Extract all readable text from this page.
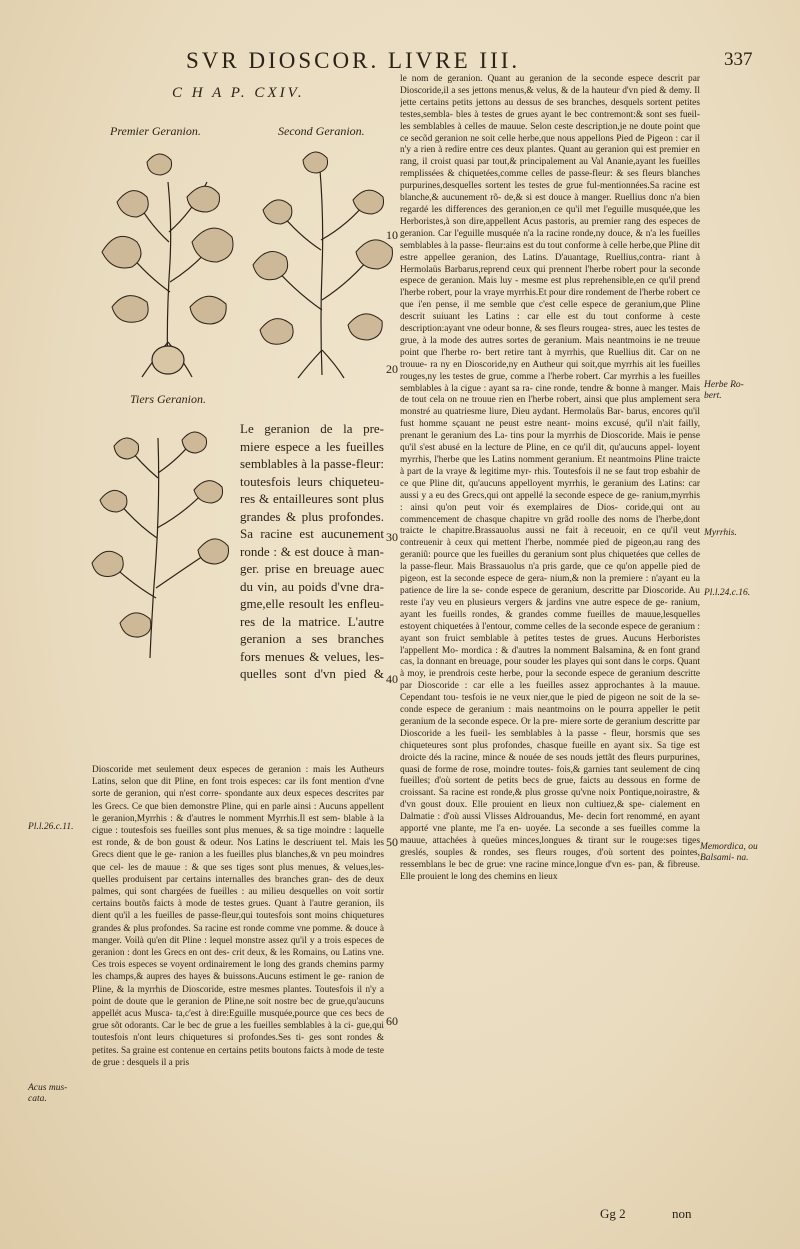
SVR DIOSCOR. LIVRE III.	337
C H A P. CXIV.
Premier Geranion.	Second Geranion.
Tiers Geranion.

Le geranion de la pre- miere espece a les fueilles semblables à la passe-fleur: toutesfois leurs chiqueteu- res & entailleures sont plus grandes & plus profondes. Sa racine est aucunement ronde : & est douce à man- ger. prise en breuage auec du vin, au poids d'vne dra- gme,elle resoult les enfleu- res de la matrice. L'autre geranion a ses branches fors menues & velues, les- quelles sont d'vn pied &

Dioscoride met seulement deux especes de geranion : mais les Autheurs Latins, selon que dit Pline, en font trois especes: car ils font mention d'vne sorte de geranion, qui n'est corre- spondante aux deux especes descrites par les Grecs. Ce que bien demonstre Pline, qui en parle ainsi : Aucuns appellent le geranion,Myrrhis : & d'autres le nomment Myrrhis.Il est sem- blable à la cigue : toutesfois ses fueilles sont plus menues, & sa tige moindre : laquelle est ronde, & de bon goust & odeur. Nos Latins le descriuent tel. Mais les Grecs dient que le ge- ranion a les fueilles plus blanches,& vn peu moindres que cel- les de mauue : & que ses tiges sont plus menues, & velues,les- quelles produisent par certains internalles des branches gran- des de deux palmes, qui sont chargées de fueilles : au milieu desquelles on voit sortir certains boutõs faicts à mode de testes grues. Quant à l'autre geranion, ils dient qu'il a les fueilles de passe-fleur,qui toutesfois sont moins chiquetures grandes & plus profondes. Sa racine est ronde comme vne pomme. & douce à manger. Voilà qu'en dit Pline : lequel monstre assez qu'il y a trois especes de geranion : dont les Grecs en ont des- crit deux, & les Romains, ou Latins vne. Ces trois especes se voyent ordinairement le long des grands chemins parmy les champs,& aupres des hayes & buissons.Aucuns estiment le ge- ranion de Pline, & la myrrhis de Dioscoride, estre mesmes plantes. Toutesfois il n'y a point de doute que le geranion de Pline,ne soit nostre bec de grue,qu'aucuns appellét acus Musca- ta,c'est à dire:Eguille musquée,pource que ces becs de grue sõt odorants. Car le bec de grue a les fueilles semblables à la ci- gue,qui toutesfois n'ont leurs chiquetures si profondes.Ses ti- ges sont rondes & petites. Sa graine est contenue en certains petits boutons faicts à mode de teste de grue : desquels il a pris

le nom de geranion. Quant au geranion de la seconde espece descrit par Dioscoride,il a ses jettons menus,& velus, & de la hauteur d'vn pied & demy. Il jette certains petits jettons au dessus de ses branches, desquels sortent petites testes,sembla- bles à testes de grues ayant le bec contremont:& sont ses fueil- les semblables à celles de mauue. Selon ceste description,je ne doute point que ce secõd geranion ne soit celle herbe,que nous appellons Pied de Pigeon : car il n'y a rien à redire entre ces deux plantes. Quant au geranion qui est premier en rang, il croist quasi par tout,& principalement au Val Ananie,ayant les fueilles remplissées & chiquetées,comme celles de passe-fleur: & ses fleurs blanches purpurines,desquelles sortent les testes de grue ful-mentionnées.Sa racine est blanche,& aucunement rõ- de,& si est douce à manger. Ruellius donc n'a bien regardé les differences des geranion,en ce qu'il met l'eguille musquée,que les Herboristes,à son dire,appellent Acus pastoris, au premier rang des especes de geranion. Car l'eguille musquée n'a la racine ronde,ny douce, & n'a les fueilles semblables à la passe- fleur:ains est du tout conforme à celle herbe,que Pline dit estre appellee geranion, des Latins. D'auantage, Ruellius,contra- riant à Hermolaüs Barbarus,reprend ceux qui prennent l'herbe robert pour la seconde espece de geranion. Mais luy - mesme est plus reprehensible,en ce qu'il prend l'herbe robert, pour la vraye myrrhis.Et pour dire rondement de l'herbe robert ce que i'en pense, il me semble que c'est celle espece de geranium,que Pline descrit suiuant les Latins : car elle est du tout conforme à ceste description:ayant vne odeur bonne, & ses fleurs rougea- stres, auec les testes de grue, à la mode des autres sortes de geranium. Mais neantmoins ie ne treuue point que l'herbe ro- bert retire tant à myrrhis, que Ruellius dit. Car on ne trouue- ra ny en Dioscoride,ny en Autheur qui soit,que myrrhis ait les fueilles rouges,ny les testes de grue, comme a l'herbe robert. Car myrrhis a les fueilles semblables à la cigue : ayant sa ra- cine ronde, tendre & bonne à manger. Mais de tout cela on ne trouue rien en l'herbe robert, ainsi que plus amplement sera monstré au quatriesme liure, Dieu aydant. Hermolaüs Bar- barus, encores qu'il fust homme sçauant ne peust estre neant- moins excusé, qu'il n'ait failly, prenant le geranium des La- tins pour la myrrhis de Dioscoride. Mais ie pense qu'il s'est abusé en la lecture de Pline, en ce qu'il dit, qu'aucuns appel- loyent myrrhis, l'herbe que les Latins nomment geranium. Et neantmoins Pline traicte à part de la vraye & legitime myr- rhis. Toutesfois il ne se faut trop esbahir de ce que Pline dit, qu'aucuns appelloyent myrrhis, le geranium des Latins: car aussi y a eu des Grecs,qui ont appellé la seconde espece de ge- ranium,myrrhis : ainsi qu'on peut voir és exemplaires de Dios- coride,qui ont au commencement de chasque chapitre vn grãd roolle des noms de l'herbe,dont traicte le chapitre.Brassauolus aussi ne fait à receuoir, en ce qu'il veut contreuenir à ceux qui mettent l'herbe, nommée pied de pigeon,au rang des geraniũ: pource que les fueilles du geranium sont plus chiquetées que celles de la passe-fleur. Mais Brassauolus n'a pris garde, que ce qu'on appelle pied de pigeon, est la seconde espece de gera- nium,& non la premiere : n'ayant eu la patience de lire la se- conde espece de geranium, descritte par Dioscoride. Au reste i'ay veu en plusieurs vergers & jardins vne autre espece de ge- ranium, ayant les fueills rondes, & grandes comme fueilles de mauue,lesquelles estoyent chiquetées à l'entour, comme celles de la seconde espece de geranium : ayant son fruict semblable à petites testes de grues. Aucuns Herboristes l'appellent Mo- mordica : & d'autres la nomment Balsamina, & en font grand cas, la donnant en breuage, pour souder les playes qui sont dans le corps. Quant à moy, ie prendrois ceste herbe, pour la seconde espece de geranium descritte par Dioscoride : car elle a les fueilles assez approchantes à la mauue. Cependant tou- tesfois ie ne veux nier,que le pied de pigeon ne soit de la se- conde espece de geranium : mais neantmoins on le pourra appeller le petit geranium de la seconde espece. Or la pre- miere sorte de geranium descritte par Dioscoride a les fueil- les semblables à la passe - fleur, horsmis que ses chiqueteures sont plus profondes, chasque fueille en ayant six. Sa tige est droicte dés la racine, mince & nouée de ses nouds jettãt des fleurs purpurines, quasi de forme de rose, moindre toutes- fois,& garnies tant seulement de cinq fueilles; d'où sortent de petits becs de grue, faicts au dessous en forme de croissant. Sa racine est ronde,& plus grosse qu'vne noix Pontique,noirastre, & d'vn goust doux. Elle prouient en lieux non cultiuez,& spe- cialement en Dalmatie : d'où aussi Vlisses Aldrouandus, Me- decin fort renommé, en ayant apporté vne plante, me l'a en- uoyée. La seconde a ses fueilles comme la mauue, attachées à queües minces,longues & tirant sur le rouge:ses tiges greslés, souples & rondes, ses fleurs rouges, d'où sortent des pointes, ressemblans le bec de grue: vne racine mince,longue d'vn es- pan, & fibreuse. Elle prouient le long des chemins en lieux

10
20
30
40
50
60
Herbe Ro- bert.
Myrrhis.
Pl.l.24.c.16.
Memordica, ou Balsami- na.
Pl.l.26.c.11.
Acus mus- cata.
Gg 2	non
